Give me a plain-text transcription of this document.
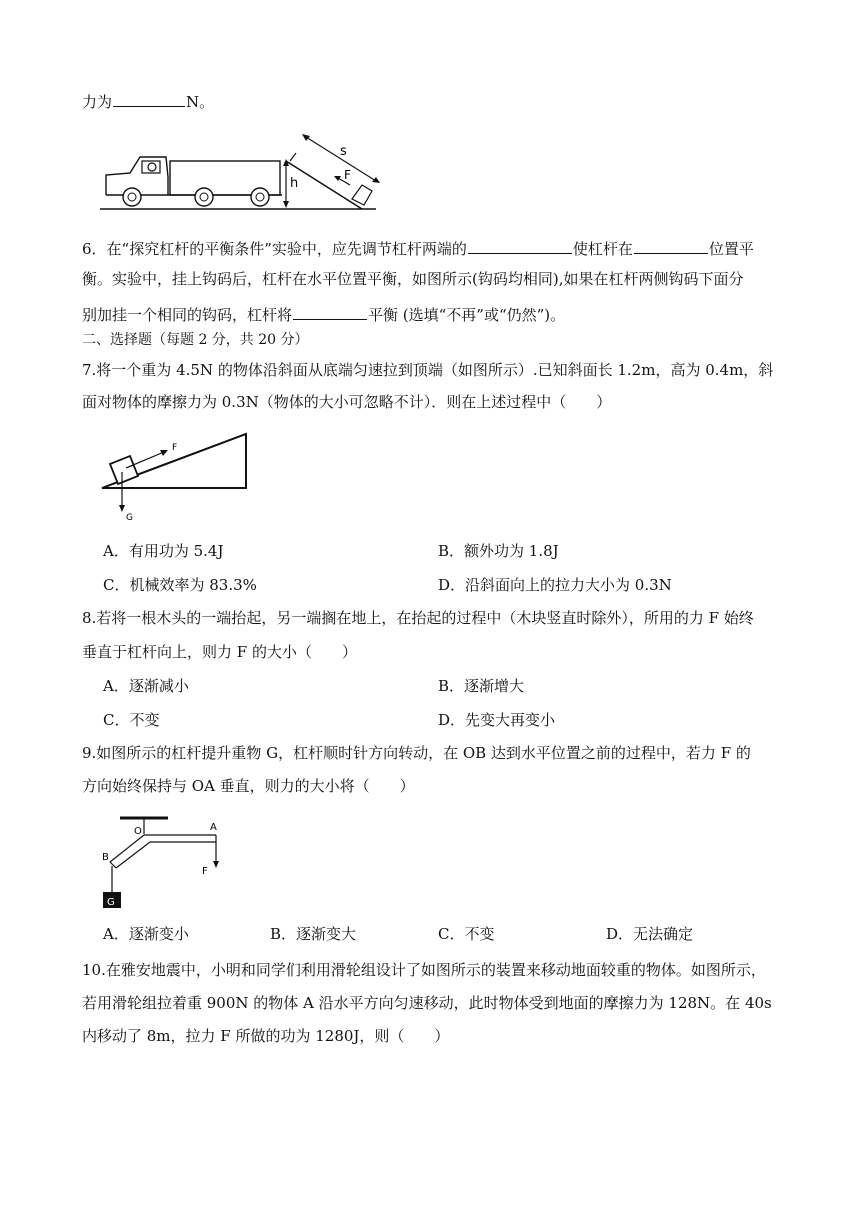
力为	N。
h
s
F
6．在“探究杠杆的平衡条件”实验中，应先调节杠杆两端的	使杠杆在	位置平
衡。实验中，挂上钩码后，杠杆在水平位置平衡，如图所示(钩码均相同),如果在杠杆两侧钩码下面分
别加挂一个相同的钩码，杠杆将	平衡 (选填“不再”或“仍然”)。
二、选择题（每题 2 分，共 20 分）
7.将一个重为 4.5N 的物体沿斜面从底端匀速拉到顶端（如图所示）.已知斜面长 1.2m，高为 0.4m，斜
面对物体的摩擦力为 0.3N（物体的大小可忽略不计）．则在上述过程中（　　）
F
G
A．有用功为 5.4J	B．额外功为 1.8J
C．机械效率为 83.3%	D．沿斜面向上的拉力大小为 0.3N
8.若将一根木头的一端抬起，另一端搁在地上，在抬起的过程中（木块竖直时除外），所用的力 F 始终
垂直于杠杆向上，则力 F 的大小（　　）
A．逐渐减小	B．逐渐增大
C．不变	D．先变大再变小
9.如图所示的杠杆提升重物 G，杠杆顺时针方向转动，在 OB 达到水平位置之前的过程中，若力 F 的
方向始终保持与 OA 垂直，则力的大小将（　　）
O
B
A
F
G
A．逐渐变小	B．逐渐变大	C．不变	D．无法确定
10.在雅安地震中，小明和同学们利用滑轮组设计了如图所示的装置来移动地面较重的物体。如图所示，
若用滑轮组拉着重 900N 的物体 A 沿水平方向匀速移动，此时物体受到地面的摩擦力为 128N。在 40s
内移动了 8m，拉力 F 所做的功为 1280J，则（　　）
